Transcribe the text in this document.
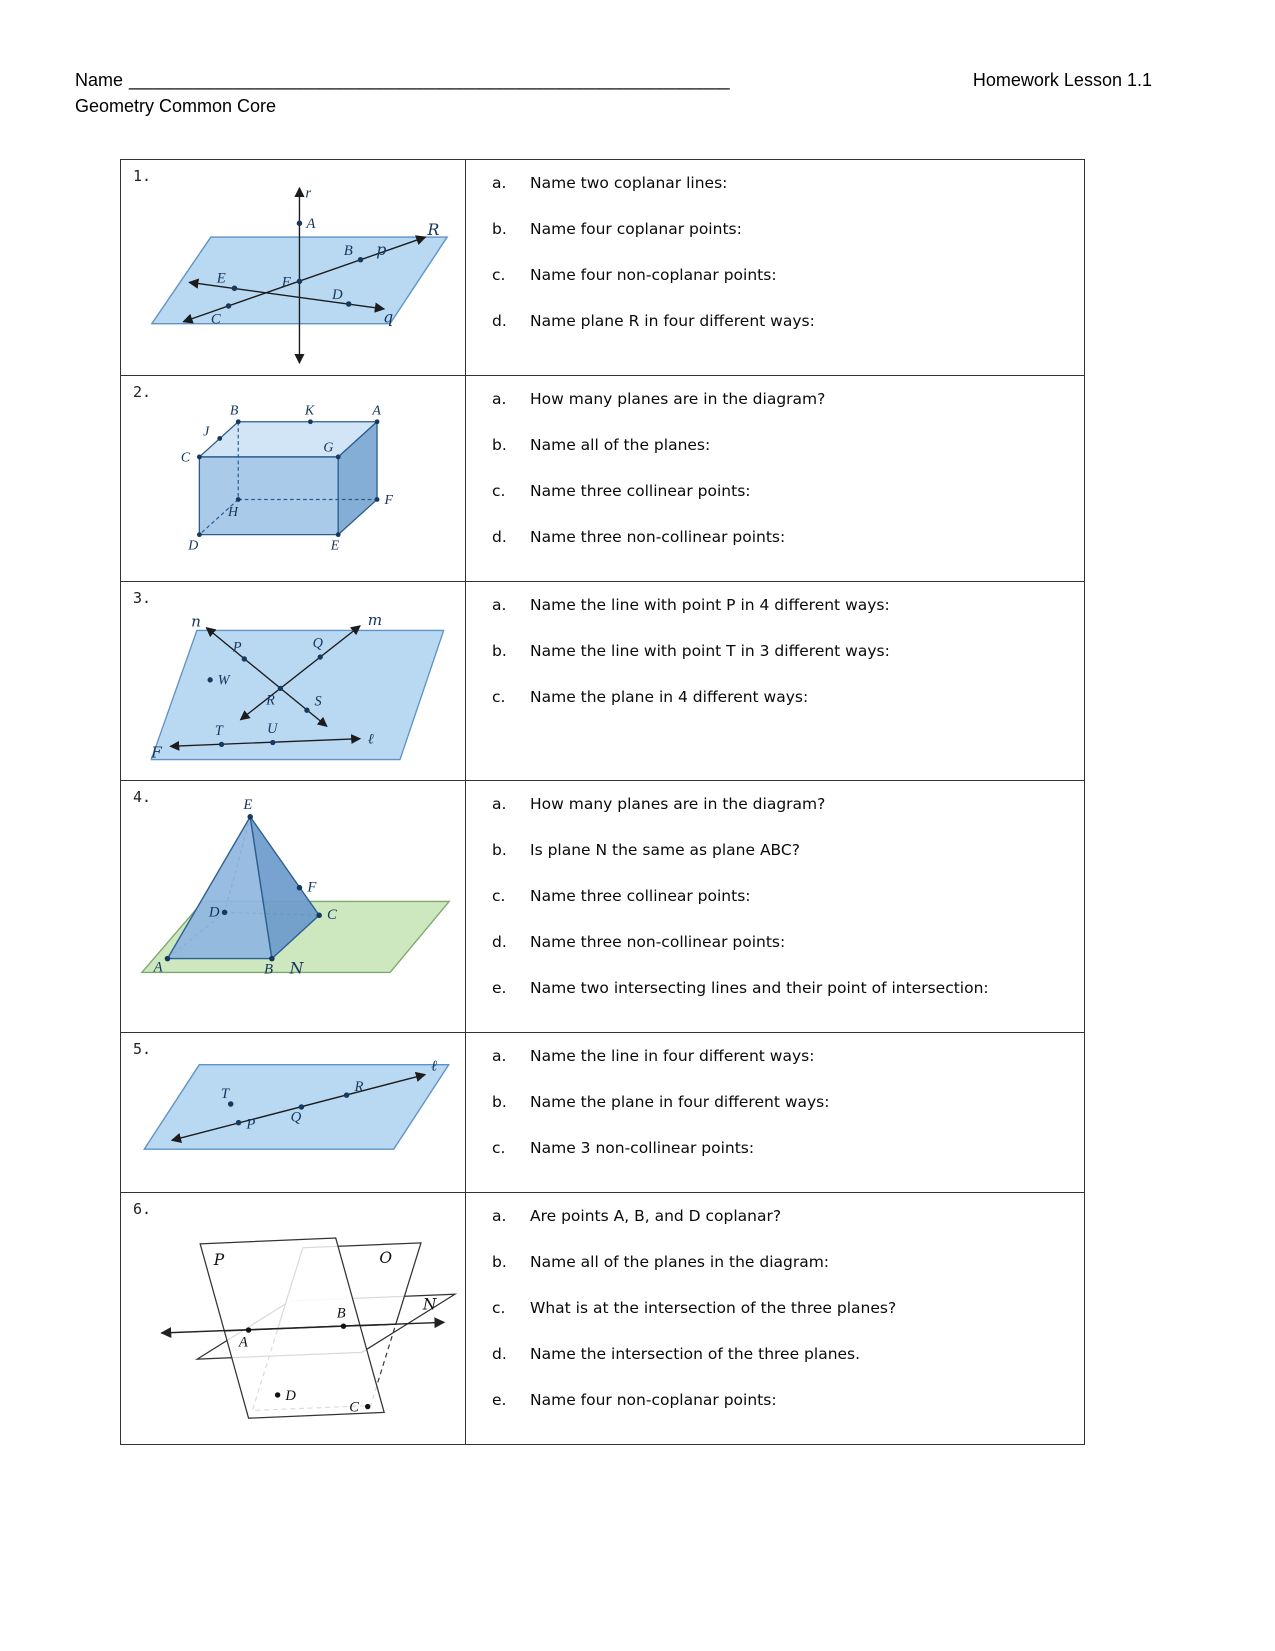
Name ____________________________________________________________	Homework Lesson 1.1
Geometry Common Core
1.
r
A
E
C
F
B
D
p
q
R

a.	Name two coplanar lines:
b.	Name four coplanar points:
c.	Name four non-coplanar points:
d.	Name plane R in four different ways:

2.
B	K	A
C
J
G
F
H
D	E

a.	How many planes are in the diagram?
b.	Name all of the planes:
c.	Name three collinear points:
d.	Name three non-collinear points:

3.
n	m
P	Q
W
R	S
T	U
ℓ
F

a.	Name the line with point P in 4 different ways:
b.	Name the line with point T in 3 different ways:
c.	Name the plane in 4 different ways:

4.	E
F
C
D
A	B N

a.	How many planes are in the diagram?
b.	Is plane N the same as plane ABC?
c.	Name three collinear points:
d.	Name three non-collinear points:
e.	Name two intersecting lines and their point of intersection:

5.
T
P Q
R
ℓ

a.	Name the line in four different ways:
b.	Name the plane in four different ways:
c.	Name 3 non-collinear points:

6.
P	O
N
A
B
D
C

a.	Are points A, B, and D coplanar?
b.	Name all of the planes in the diagram:
c.	What is at the intersection of the three planes?
d.	Name the intersection of the three planes.
e.	Name four non-coplanar points:
